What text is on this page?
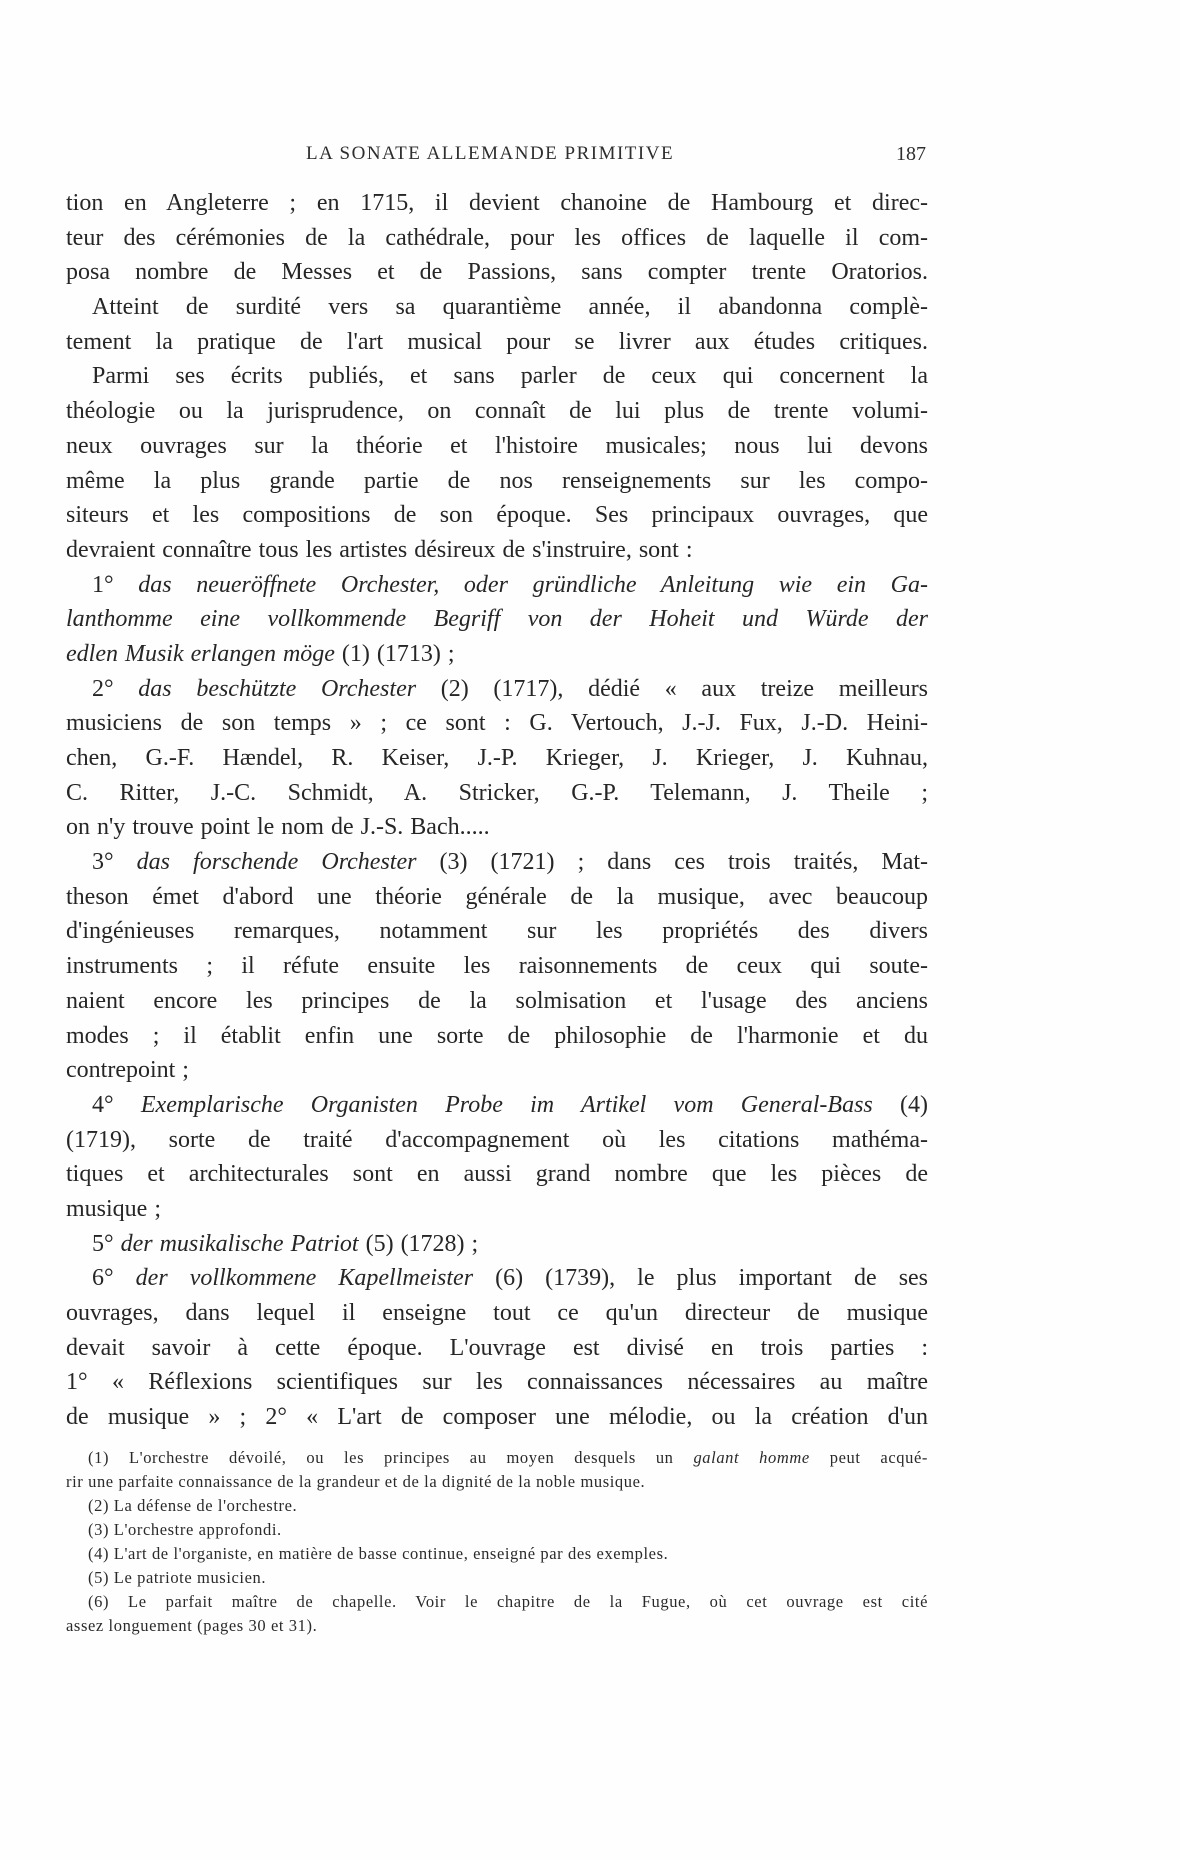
LA SONATE ALLEMANDE PRIMITIVE	187
tion en Angleterre ; en 1715, il devient chanoine de Hambourg et direc-
teur des cérémonies de la cathédrale, pour les offices de laquelle il com-
posa nombre de Messes et de Passions, sans compter trente Oratorios.
Atteint de surdité vers sa quarantième année, il abandonna complè-
tement la pratique de l'art musical pour se livrer aux études critiques.
Parmi ses écrits publiés, et sans parler de ceux qui concernent la
théologie ou la jurisprudence, on connaît de lui plus de trente volumi-
neux ouvrages sur la théorie et l'histoire musicales; nous lui devons
même la plus grande partie de nos renseignements sur les compo-
siteurs et les compositions de son époque. Ses principaux ouvrages, que
devraient connaître tous les artistes désireux de s'instruire, sont :
1° das neueröffnete Orchester, oder gründliche Anleitung wie ein Ga-
lanthomme eine vollkommende Begriff von der Hoheit und Würde der
edlen Musik erlangen möge (1) (1713) ;
2° das beschützte Orchester (2) (1717), dédié « aux treize meilleurs
musiciens de son temps » ; ce sont : G. Vertouch, J.-J. Fux, J.-D. Heini-
chen, G.-F. Hændel, R. Keiser, J.-P. Krieger, J. Krieger, J. Kuhnau,
C. Ritter, J.-C. Schmidt, A. Stricker, G.-P. Telemann, J. Theile ;
on n'y trouve point le nom de J.-S. Bach.....
3° das forschende Orchester (3) (1721) ; dans ces trois traités, Mat-
theson émet d'abord une théorie générale de la musique, avec beaucoup
d'ingénieuses remarques, notamment sur les propriétés des divers
instruments ; il réfute ensuite les raisonnements de ceux qui soute-
naient encore les principes de la solmisation et l'usage des anciens
modes ; il établit enfin une sorte de philosophie de l'harmonie et du
contrepoint ;
4° Exemplarische Organisten Probe im Artikel vom General-Bass (4)
(1719), sorte de traité d'accompagnement où les citations mathéma-
tiques et architecturales sont en aussi grand nombre que les pièces de
musique ;
5° der musikalische Patriot (5) (1728) ;
6° der vollkommene Kapellmeister (6) (1739), le plus important de ses
ouvrages, dans lequel il enseigne tout ce qu'un directeur de musique
devait savoir à cette époque. L'ouvrage est divisé en trois parties :
1° « Réflexions scientifiques sur les connaissances nécessaires au maître
de musique » ; 2° « L'art de composer une mélodie, ou la création d'un
(1) L'orchestre dévoilé, ou les principes au moyen desquels un galant homme peut acqué-
rir une parfaite connaissance de la grandeur et de la dignité de la noble musique.
(2) La défense de l'orchestre.
(3) L'orchestre approfondi.
(4) L'art de l'organiste, en matière de basse continue, enseigné par des exemples.
(5) Le patriote musicien.
(6) Le parfait maître de chapelle. Voir le chapitre de la Fugue, où cet ouvrage est cité
assez longuement (pages 30 et 31).
